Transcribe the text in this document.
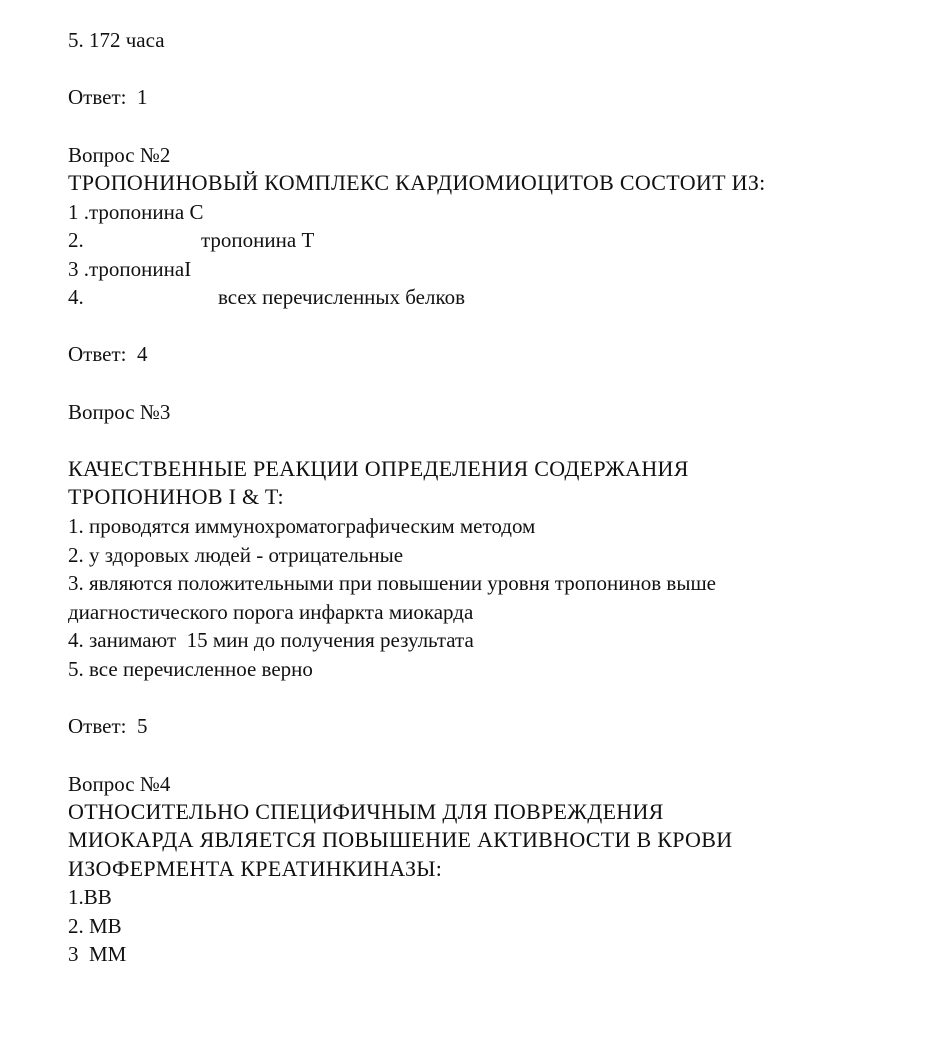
5. 172 часа
Ответ:  1
Вопрос №2
ТРОПОНИНОВЫЙ КОМПЛЕКС КАРДИОМИОЦИТОВ СОСТОИТ ИЗ:
1 .тропонина С
2.	тропонина Т
3 .тропонинаI
4.	всех перечисленных белков
Ответ:  4
Вопрос №3
КАЧЕСТВЕННЫЕ РЕАКЦИИ ОПРЕДЕЛЕНИЯ СОДЕРЖАНИЯ
ТРОПОНИНОВ I & T:
1. проводятся иммунохроматографическим методом
2. у здоровых людей - отрицательные
3. являются положительными при повышении уровня тропонинов выше
диагностического порога инфаркта миокарда
4. занимают  15 мин до получения результата
5. все перечисленное верно
Ответ:  5
Вопрос №4
ОТНОСИТЕЛЬНО СПЕЦИФИЧНЫМ ДЛЯ ПОВРЕЖДЕНИЯ
МИОКАРДА ЯВЛЯЕТСЯ ПОВЫШЕНИЕ АКТИВНОСТИ В КРОВИ
ИЗОФЕРМЕНТА КРЕАТИНКИНАЗЫ:
1.ВВ
2. МВ
3  ММ
